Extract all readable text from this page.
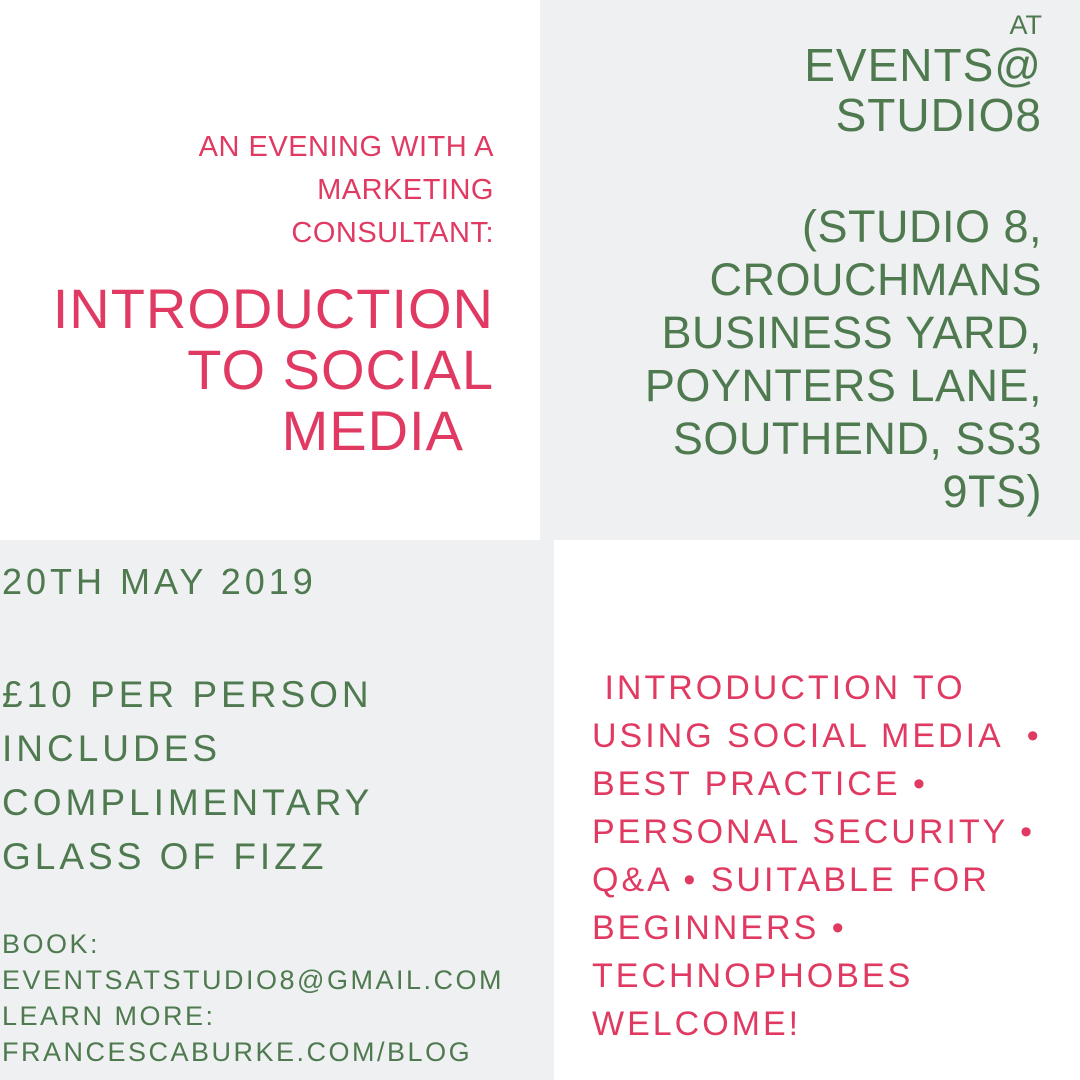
AN EVENING WITH A
MARKETING
CONSULTANT:
INTRODUCTION
TO SOCIAL
MEDIA
AT
EVENTS@
STUDIO8
(STUDIO 8,
CROUCHMANS
BUSINESS YARD,
POYNTERS LANE,
SOUTHEND, SS3
9TS)
20TH MAY 2019
£10 PER PERSON
INCLUDES
COMPLIMENTARY
GLASS OF FIZZ
BOOK:
EVENTSATSTUDIO8@GMAIL.COM
LEARN MORE:
FRANCESCABURKE.COM/BLOG
INTRODUCTION TO
USING SOCIAL MEDIA  •
BEST PRACTICE •
PERSONAL SECURITY •
Q&A • SUITABLE FOR
BEGINNERS •
TECHNOPHOBES
WELCOME!
